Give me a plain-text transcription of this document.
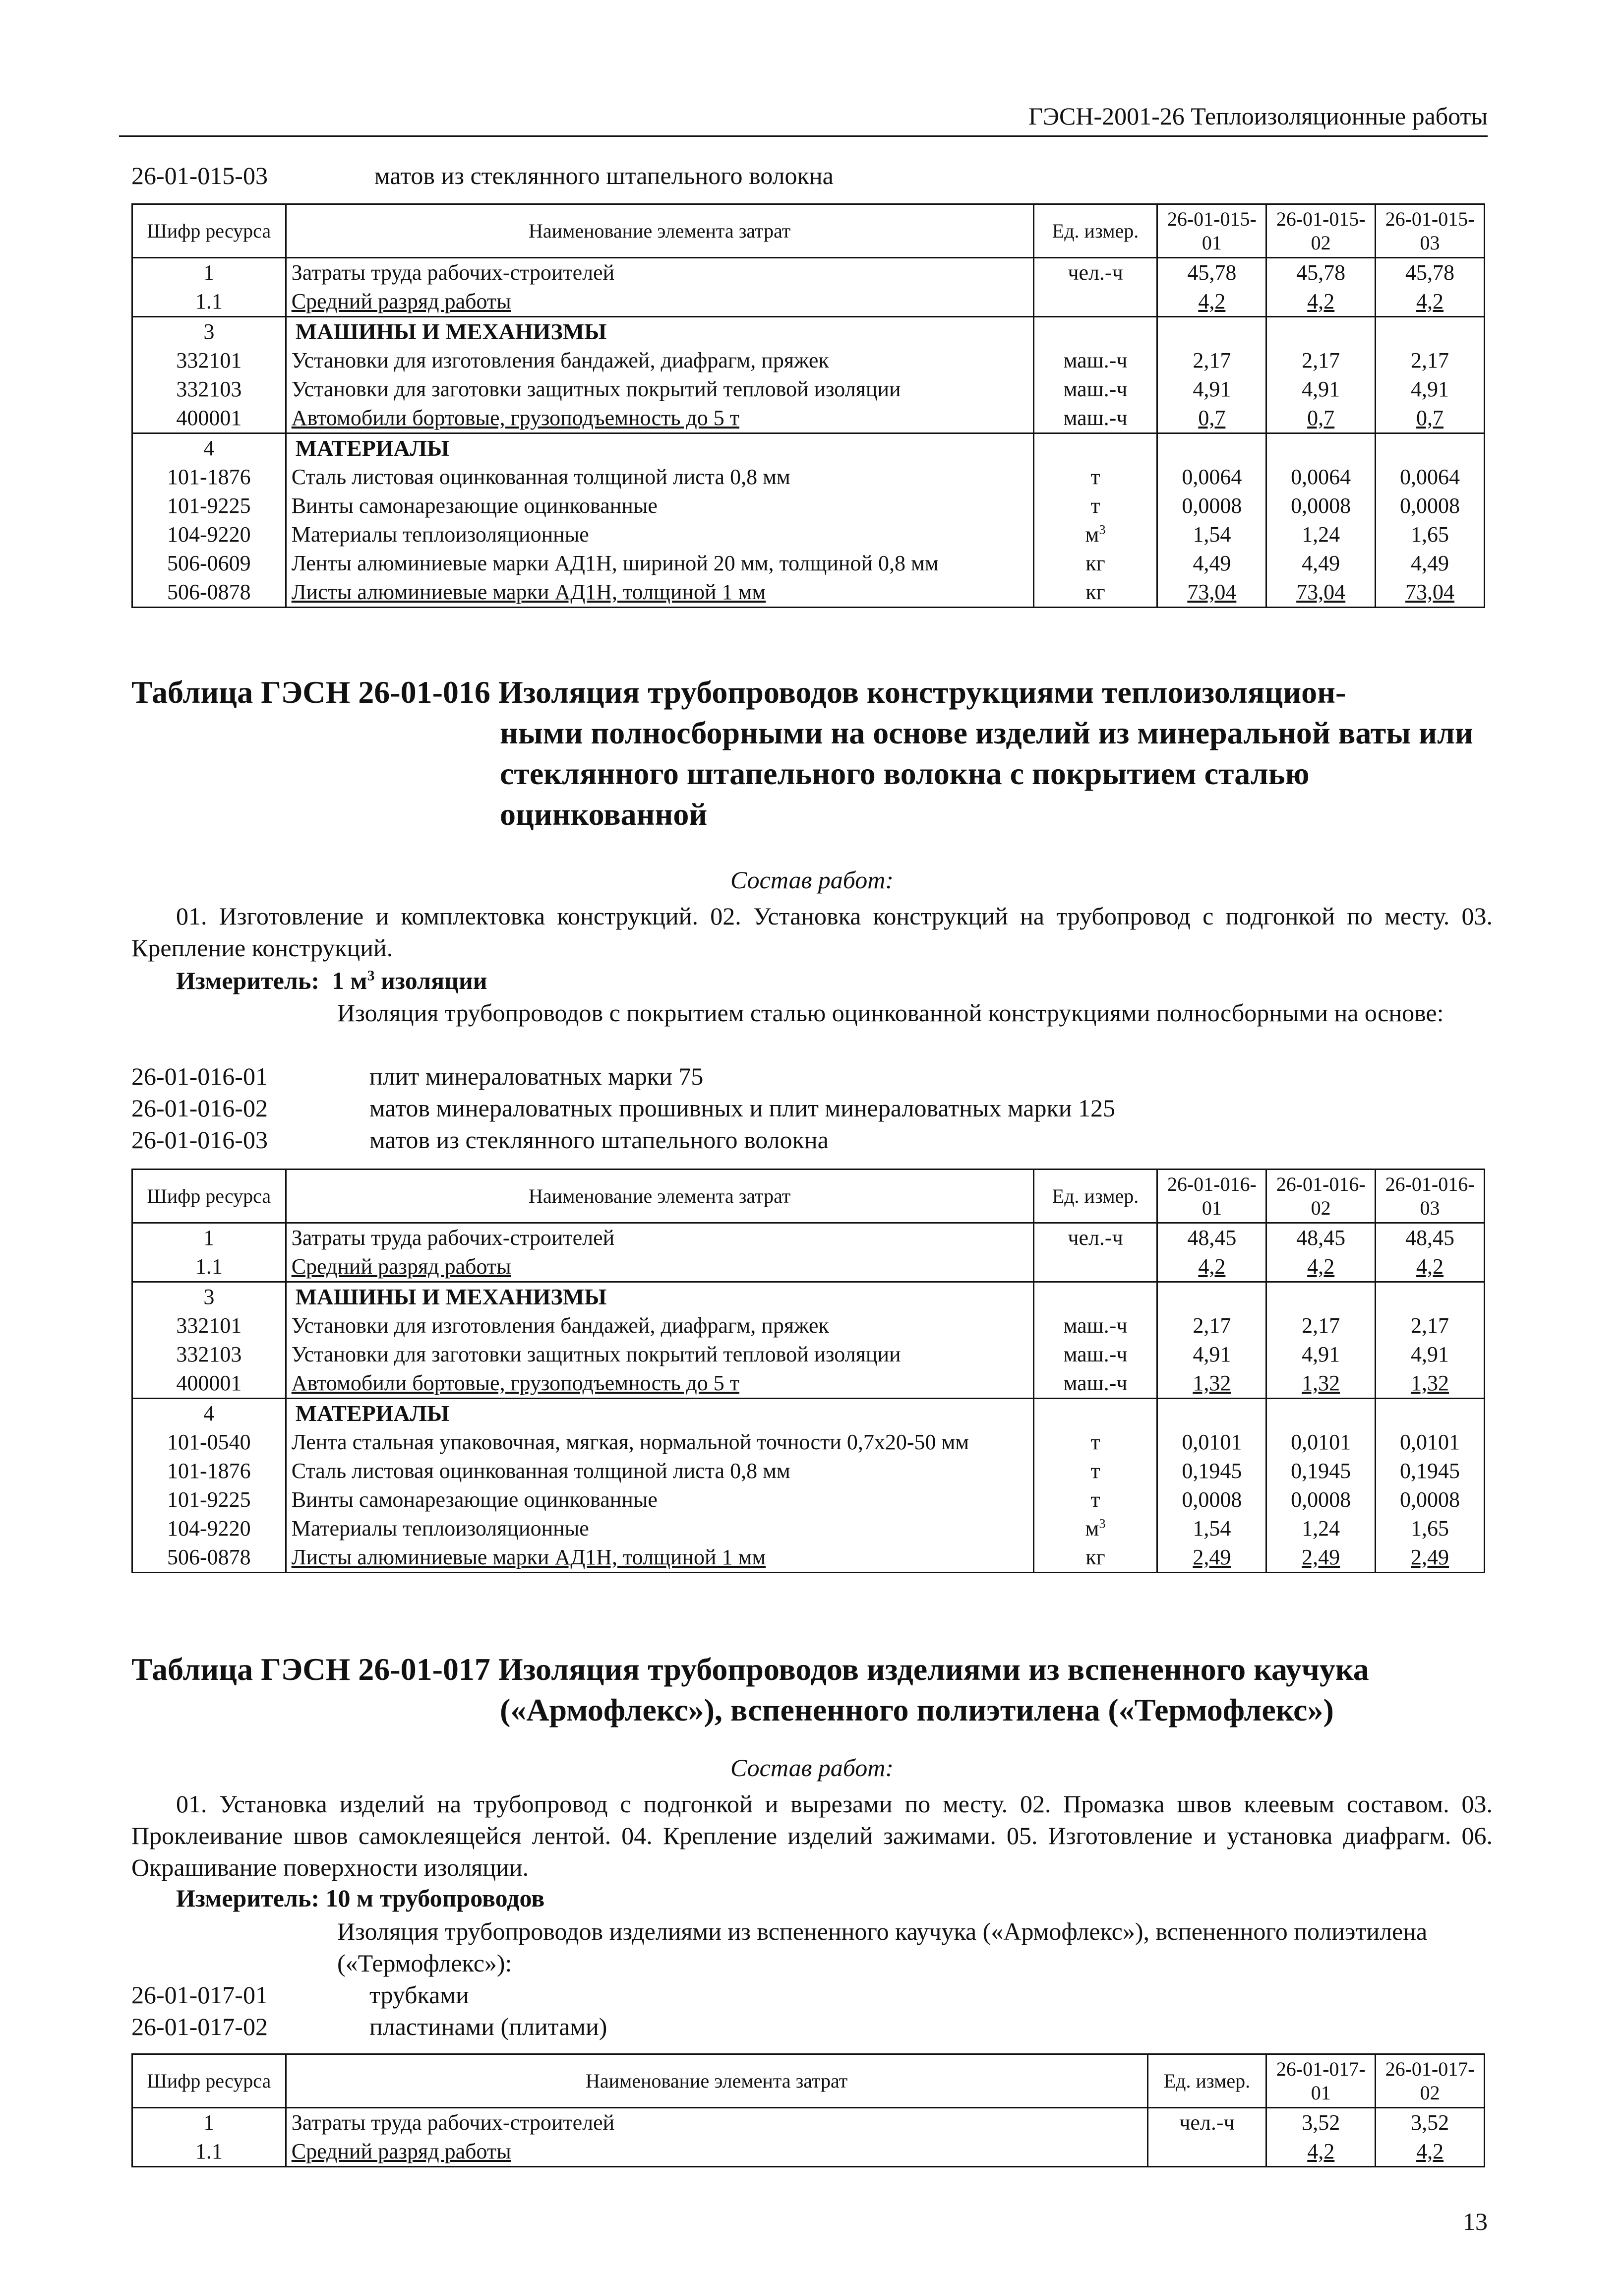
ГЭСН-2001-26 Теплоизоляционные работы
26-01-015-03	матов из стеклянного штапельного волокна
Шифр ресурса	Наименование элемента затрат	Ед. измер.	26-01-015-01	26-01-015-02	26-01-015-03
1	Затраты труда рабочих-строителей	чел.-ч	45,78	45,78	45,78
1.1	Средний разряд работы		4,2	4,2	4,2
3	МАШИНЫ И МЕХАНИЗМЫ				
332101	Установки для изготовления бандажей, диафрагм, пряжек	маш.-ч	2,17	2,17	2,17
332103	Установки для заготовки защитных покрытий тепловой изоляции	маш.-ч	4,91	4,91	4,91
400001	Автомобили бортовые, грузоподъемность до 5 т	маш.-ч	0,7	0,7	0,7
4	МАТЕРИАЛЫ				
101-1876	Сталь листовая оцинкованная толщиной листа 0,8 мм	т	0,0064	0,0064	0,0064
101-9225	Винты самонарезающие оцинкованные	т	0,0008	0,0008	0,0008
104-9220	Материалы теплоизоляционные	$м^3$	1,54	1,24	1,65
506-0609	Ленты алюминиевые марки АД1Н, шириной 20 мм, толщиной 0,8 мм	кг	4,49	4,49	4,49
506-0878	Листы алюминиевые марки АД1Н, толщиной 1 мм	кг	73,04	73,04	73,04
Таблица ГЭСН 26-01-016 Изоляция трубопроводов конструкциями теплоизоляцион-
ными полносборными на основе изделий из минеральной ваты или стеклянного штапельного волокна с покрытием сталью оцинкованной
Состав работ:
01. Изготовление и комплектовка конструкций. 02. Установка конструкций на трубопровод с подгонкой по месту. 03. Крепление конструкций.
Измеритель:  1 $м^3$ изоляции
Изоляция трубопроводов с покрытием сталью оцинкованной конструкциями полносборными на основе:
26-01-016-01	плит минераловатных марки 75
26-01-016-02	матов минераловатных прошивных и плит минераловатных марки 125
26-01-016-03	матов из стеклянного штапельного волокна
Шифр ресурса	Наименование элемента затрат	Ед. измер.	26-01-016-01	26-01-016-02	26-01-016-03
1	Затраты труда рабочих-строителей	чел.-ч	48,45	48,45	48,45
1.1	Средний разряд работы		4,2	4,2	4,2
3	МАШИНЫ И МЕХАНИЗМЫ				
332101	Установки для изготовления бандажей, диафрагм, пряжек	маш.-ч	2,17	2,17	2,17
332103	Установки для заготовки защитных покрытий тепловой изоляции	маш.-ч	4,91	4,91	4,91
400001	Автомобили бортовые, грузоподъемность до 5 т	маш.-ч	1,32	1,32	1,32
4	МАТЕРИАЛЫ				
101-0540	Лента стальная упаковочная, мягкая, нормальной точности 0,7x20-50 мм	т	0,0101	0,0101	0,0101
101-1876	Сталь листовая оцинкованная толщиной листа 0,8 мм	т	0,1945	0,1945	0,1945
101-9225	Винты самонарезающие оцинкованные	т	0,0008	0,0008	0,0008
104-9220	Материалы теплоизоляционные	$м^3$	1,54	1,24	1,65
506-0878	Листы алюминиевые марки АД1Н, толщиной 1 мм	кг	2,49	2,49	2,49
Таблица ГЭСН 26-01-017 Изоляция трубопроводов изделиями из вспененного каучука
(«Армофлекс»), вспененного полиэтилена («Термофлекс»)
Состав работ:
01. Установка изделий на трубопровод с подгонкой и вырезами по месту. 02. Промазка швов клеевым составом. 03. Проклеивание швов самоклеящейся лентой. 04. Крепление изделий зажимами. 05. Изготовление и установка диафрагм. 06. Окрашивание поверхности изоляции.
Измеритель: 10 м трубопроводов
Изоляция трубопроводов изделиями из вспененного каучука («Армофлекс»), вспененного полиэтилена («Термофлекс»):
26-01-017-01	трубками
26-01-017-02	пластинами (плитами)
Шифр ресурса	Наименование элемента затрат	Ед. измер.	26-01-017-01	26-01-017-02
1	Затраты труда рабочих-строителей	чел.-ч	3,52	3,52
1.1	Средний разряд работы		4,2	4,2
13
